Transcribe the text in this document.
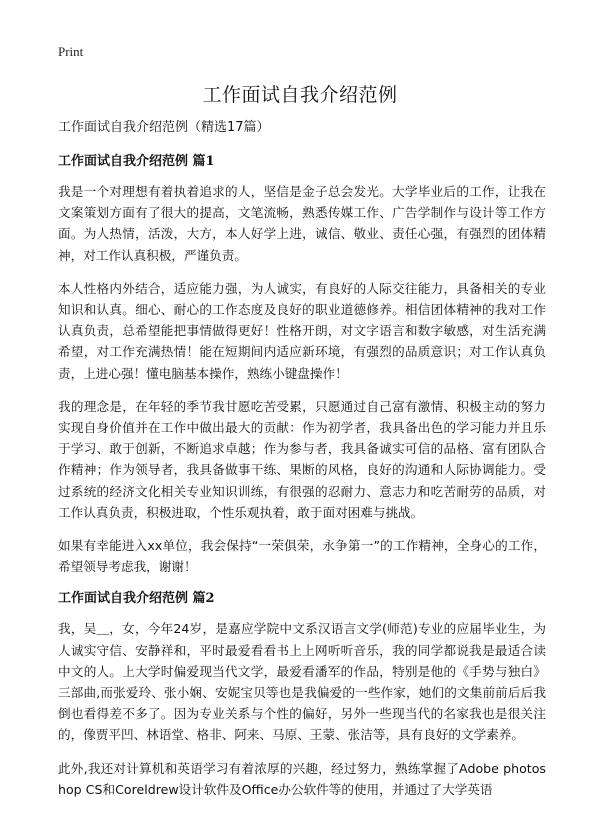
Print
工作面试自我介绍范例

工作面试自我介绍范例（精选17篇）

工作面试自我介绍范例 篇1

我是一个对理想有着执着追求的人，坚信是金子总会发光。大学毕业后的工作，让我在文案策划方面有了很大的提高，文笔流畅，熟悉传媒工作、广告学制作与设计等工作方面。为人热情，活泼，大方，本人好学上进，诚信、敬业、责任心强，有强烈的团体精神，对工作认真积极，严谨负责。

本人性格内外结合，适应能力强，为人诚实，有良好的人际交往能力，具备相关的专业知识和认真。细心、耐心的工作态度及良好的职业道德修养。相信团体精神的我对工作认真负责，总希望能把事情做得更好！性格开朗，对文字语言和数字敏感，对生活充满希望，对工作充满热情！能在短期间内适应新环境，有强烈的品质意识；对工作认真负责，上进心强！懂电脑基本操作，熟练小键盘操作！

我的理念是，在年轻的季节我甘愿吃苦受累，只愿通过自己富有激情、积极主动的努力实现自身价值并在工作中做出最大的贡献：作为初学者，我具备出色的学习能力并且乐于学习、敢于创新，不断追求卓越；作为参与者，我具备诚实可信的品格、富有团队合作精神；作为领导者，我具备做事干练、果断的风格，良好的沟通和人际协调能力。受过系统的经济文化相关专业知识训练，有很强的忍耐力、意志力和吃苦耐劳的品质，对工作认真负责，积极进取，个性乐观执着，敢于面对困难与挑战。

如果有幸能进入xx单位，我会保持“一荣俱荣，永争第一”的工作精神，全身心的工作，希望领导考虑我，谢谢！

工作面试自我介绍范例 篇2

我，吴＿，女，今年24岁，是嘉应学院中文系汉语言文学(师范)专业的应届毕业生，为人诚实守信、安静祥和，平时最爱看看书上上网听听音乐，我的同学都说我是最适合读中文的人。上大学时偏爱现当代文学，最爱看潘军的作品，特别是他的《手势与独白》三部曲,而张爱玲、张小娴、安妮宝贝等也是我偏爱的一些作家，她们的文集前前后后我倒也看得差不多了。因为专业关系与个性的偏好，另外一些现当代的名家我也是很关注的，像贾平凹、林语堂、格非、阿来、马原、王蒙、张洁等，具有良好的文学素养。

此外,我还对计算机和英语学习有着浓厚的兴趣，经过努力，熟练掌握了Adobe photoshop CS和Coreldrew设计软件及Office办公软件等的使用，并通过了大学英语
